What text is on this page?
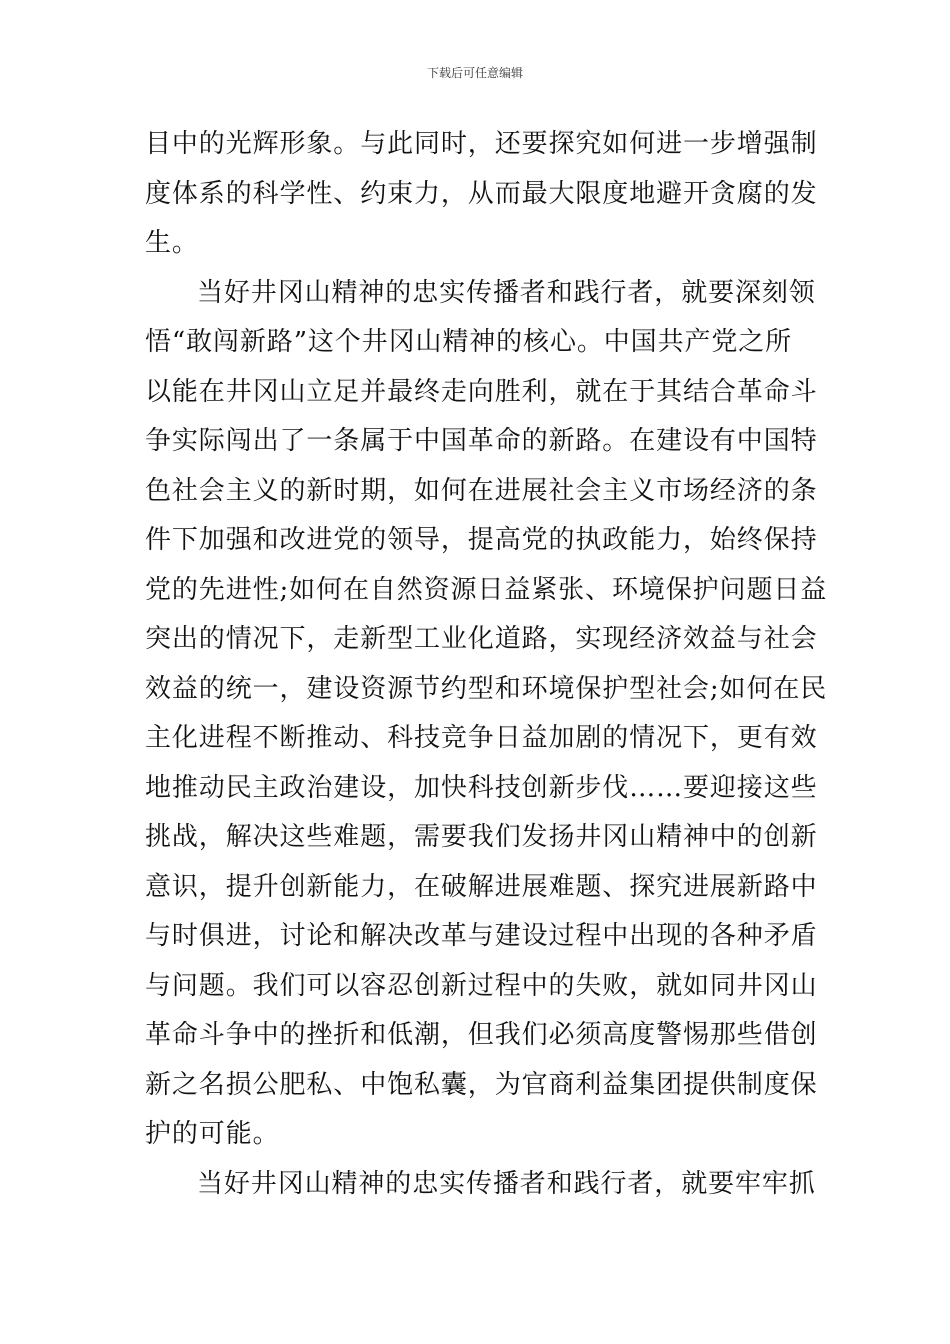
下载后可任意编辑
目中的光辉形象。与此同时，还要探究如何进一步增强制
度体系的科学性、约束力，从而最大限度地避开贪腐的发
生。
当好井冈山精神的忠实传播者和践行者，就要深刻领
悟“敢闯新路”这个井冈山精神的核心。中国共产党之所
以能在井冈山立足并最终走向胜利，就在于其结合革命斗
争实际闯出了一条属于中国革命的新路。在建设有中国特
色社会主义的新时期，如何在进展社会主义市场经济的条
件下加强和改进党的领导，提高党的执政能力，始终保持
党的先进性;如何在自然资源日益紧张、环境保护问题日益
突出的情况下，走新型工业化道路，实现经济效益与社会
效益的统一，建设资源节约型和环境保护型社会;如何在民
主化进程不断推动、科技竞争日益加剧的情况下，更有效
地推动民主政治建设，加快科技创新步伐……要迎接这些
挑战，解决这些难题，需要我们发扬井冈山精神中的创新
意识，提升创新能力，在破解进展难题、探究进展新路中
与时俱进，讨论和解决改革与建设过程中出现的各种矛盾
与问题。我们可以容忍创新过程中的失败，就如同井冈山
革命斗争中的挫折和低潮，但我们必须高度警惕那些借创
新之名损公肥私、中饱私囊，为官商利益集团提供制度保
护的可能。
当好井冈山精神的忠实传播者和践行者，就要牢牢抓
